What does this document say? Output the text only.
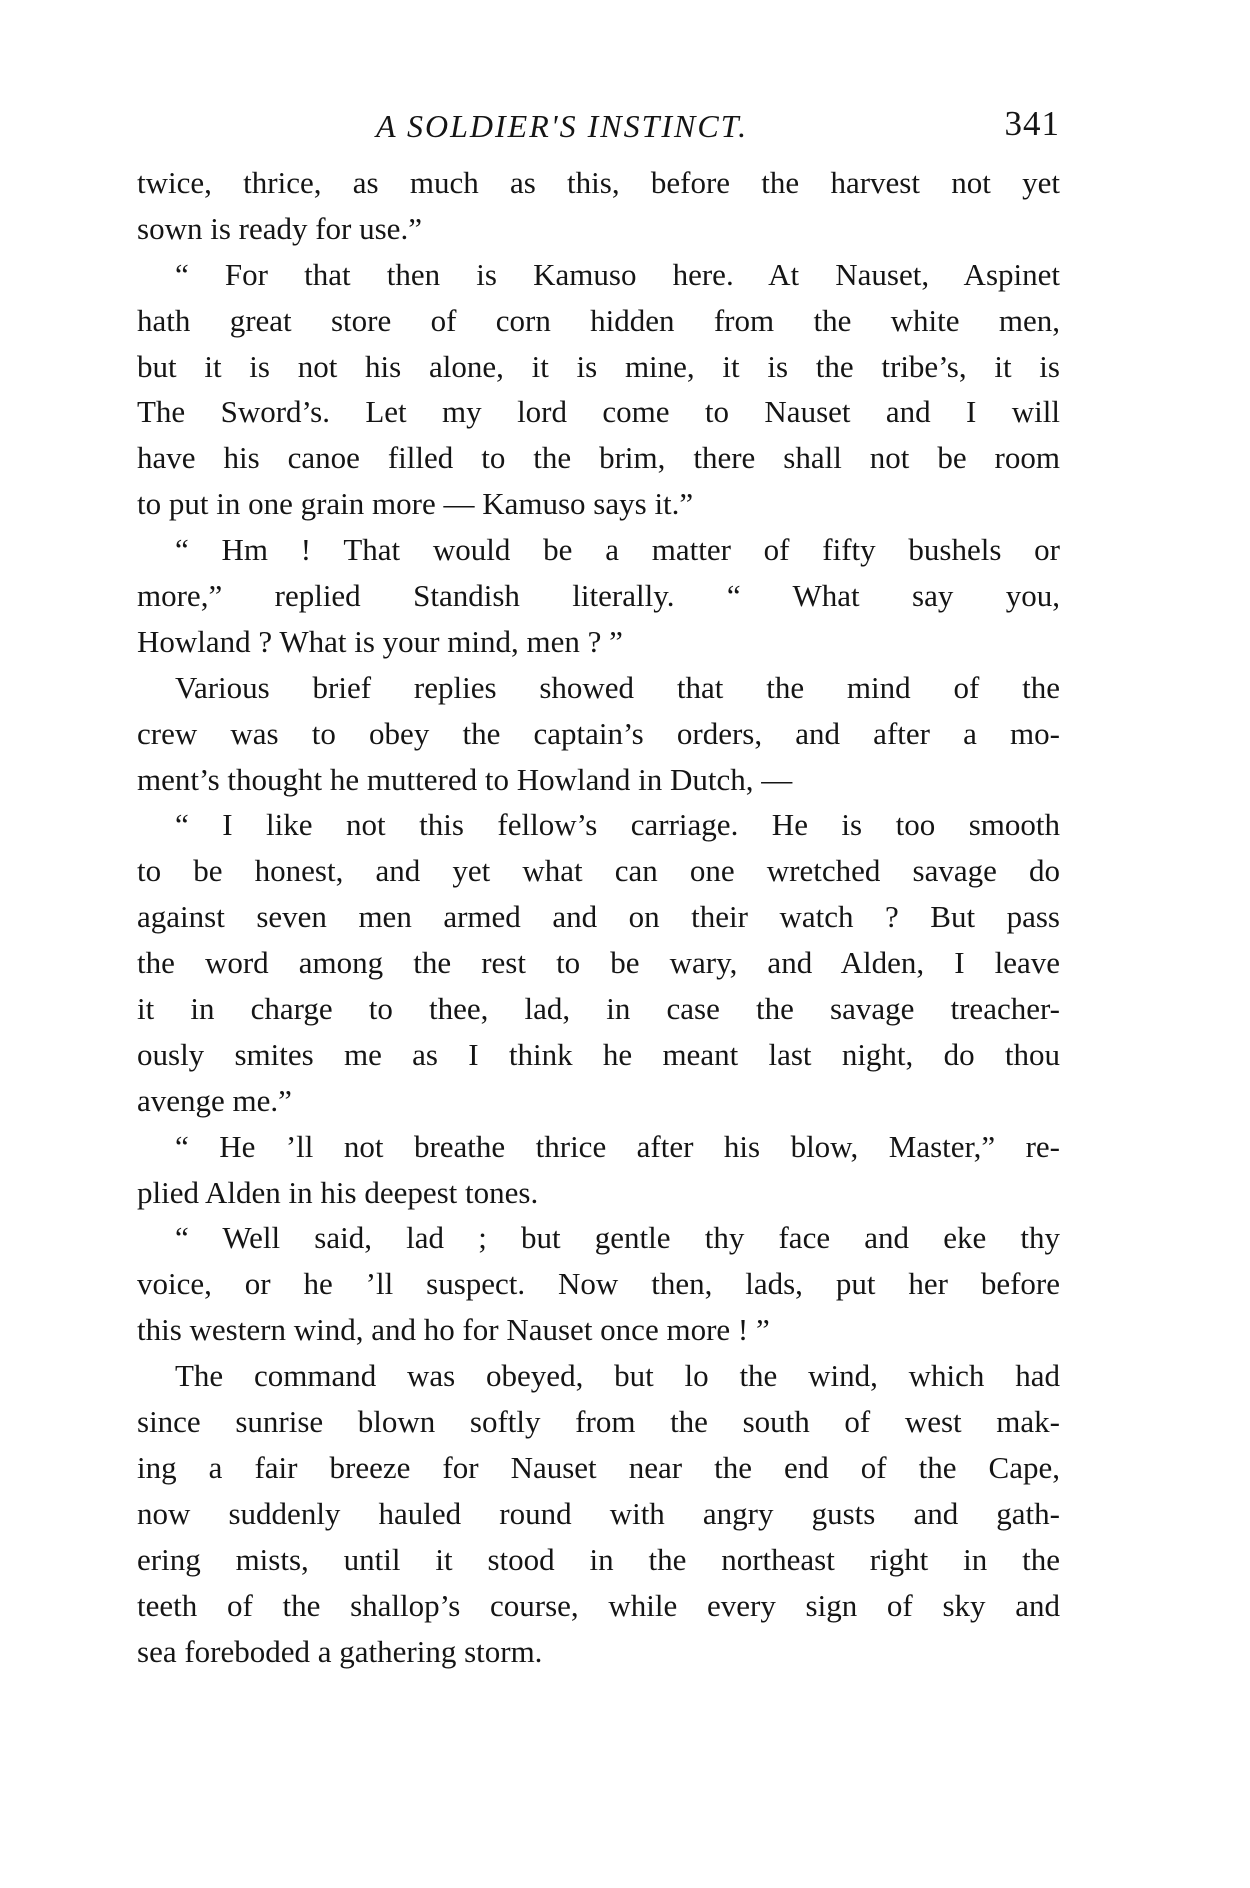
A SOLDIER'S INSTINCT.	341
twice, thrice, as much as this, before the harvest not yet
sown is ready for use.”
“ For that then is Kamuso here. At Nauset, Aspinet
hath great store of corn hidden from the white men,
but it is not his alone, it is mine, it is the tribe’s, it is
The Sword’s. Let my lord come to Nauset and I will
have his canoe filled to the brim, there shall not be room
to put in one grain more — Kamuso says it.”
“ Hm ! That would be a matter of fifty bushels or
more,” replied Standish literally. “ What say you,
Howland ? What is your mind, men ? ”
Various brief replies showed that the mind of the
crew was to obey the captain’s orders, and after a mo-
ment’s thought he muttered to Howland in Dutch, —
“ I like not this fellow’s carriage. He is too smooth
to be honest, and yet what can one wretched savage do
against seven men armed and on their watch ? But pass
the word among the rest to be wary, and Alden, I leave
it in charge to thee, lad, in case the savage treacher-
ously smites me as I think he meant last night, do thou
avenge me.”
“ He ’ll not breathe thrice after his blow, Master,” re-
plied Alden in his deepest tones.
“ Well said, lad ; but gentle thy face and eke thy
voice, or he ’ll suspect. Now then, lads, put her before
this western wind, and ho for Nauset once more ! ”
The command was obeyed, but lo the wind, which had
since sunrise blown softly from the south of west mak-
ing a fair breeze for Nauset near the end of the Cape,
now suddenly hauled round with angry gusts and gath-
ering mists, until it stood in the northeast right in the
teeth of the shallop’s course, while every sign of sky and
sea foreboded a gathering storm.
